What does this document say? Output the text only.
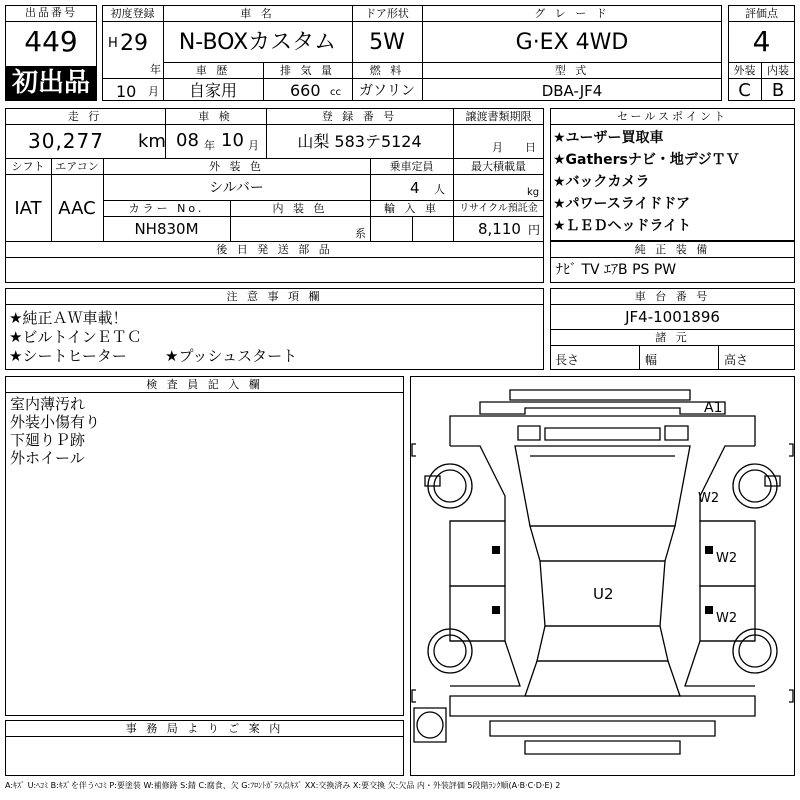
出品番号
449
初出品
初度登録
H 29
年
10 月
車 名
N-BOXカスタム
ドア形状
5W
グ レ ー ド
G·EX 4WD
車 歴
自家用
排 気 量
660 cc
燃 料
ガソリン
型 式
DBA-JF4
評価点
4
外装	内装
C	B
走 行
30,277 km
車 検
08 年 10 月
登 録 番 号
山梨 583テ5124
譲渡書類期限
月 日
シフト エアコン
IAT AAC
外 装 色
シルバー
乗車定員
4 人
最大積載量
kg
カラー No.
NH830M
内 装 色
系
輸 入 車	リサイクル預託金
8,110 円
後 日 発 送 部 品
セールスポイント
★ユーザー買取車
★Gathersナビ・地デジＴＶ
★バックカメラ
★パワースライドドア
★ＬＥＤヘッドライト
純 正 装 備
ﾅﾋﾞ TV ｴｱB PS PW
注 意 事 項 欄
★純正ＡＷ車載！
★ビルトインＥＴＣ
★シートヒーター	★プッシュスタート
車 台 番 号
JF4-1001896
諸 元
長さ	幅	高さ
検 査 員 記 入 欄
室内薄汚れ
外装小傷有り
下廻りＰ跡
外ホイール
事 務 局 よ り ご 案 内
A1
W2
W2
W2
U2
A:ｷｽﾞ U:ﾍｺﾐ B:ｷｽﾞを伴うﾍｺﾐ P:要塗装 W:補修跡 S:錆 C:腐食、欠 G:ﾌﾛﾝﾄｶﾞﾗｽ点ｷｽﾞ XX:交換済み X:要交換 欠:欠品 内・外装評価 5段階ﾗﾝｸ順(A·B·C·D·E) 2
